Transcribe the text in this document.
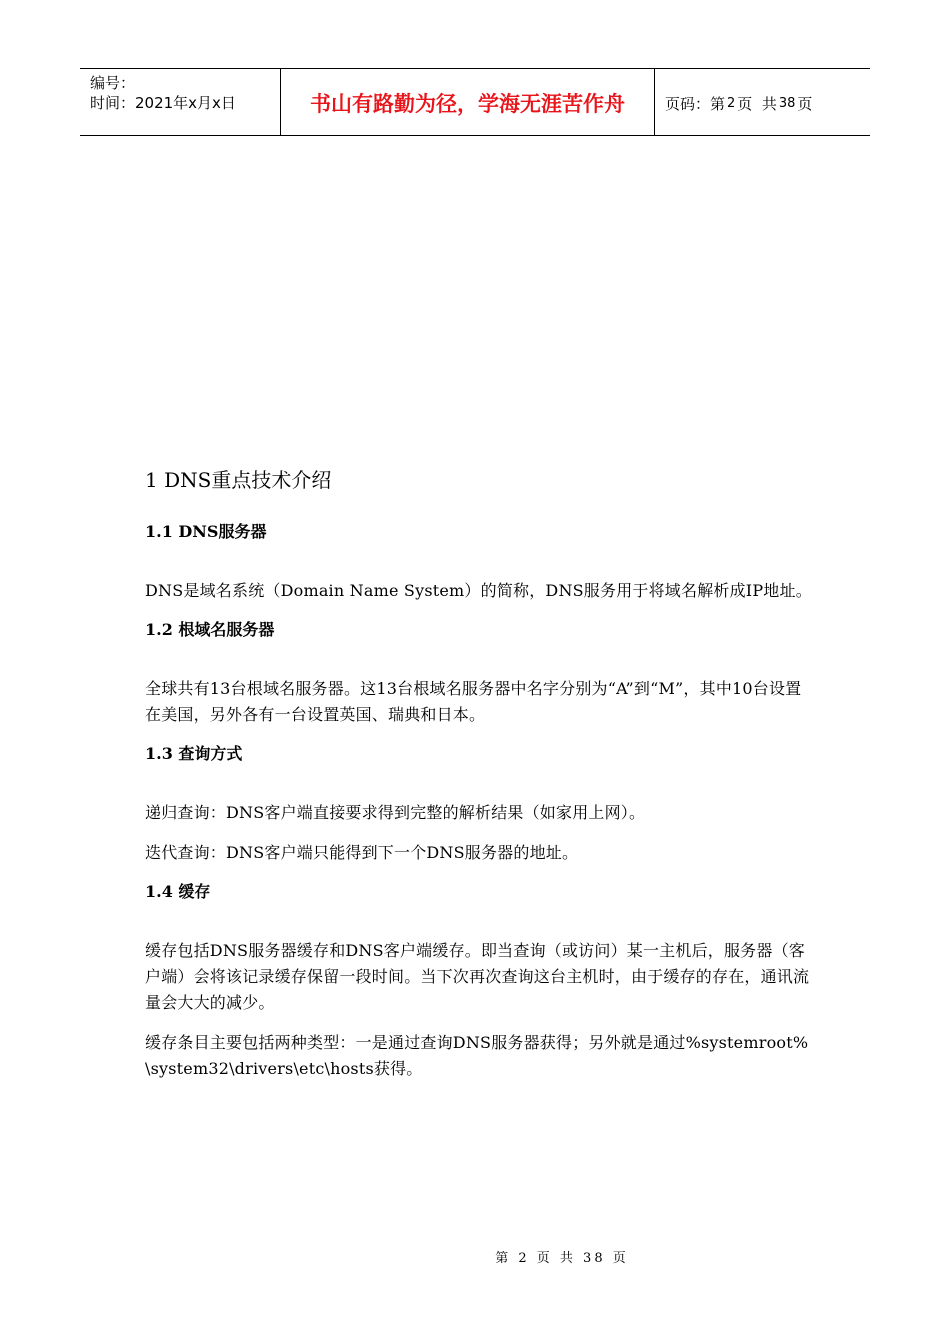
编号：
时间：2021年x月x日	书山有路勤为径，学海无涯苦作舟	页码：第 2 页  共 38 页
1 DNS重点技术介绍
1.1 DNS服务器
DNS是域名系统（Domain Name System）的简称，DNS服务用于将域名解析成IP地址。
1.2 根域名服务器
全球共有13台根域名服务器。这13台根域名服务器中名字分别为“A”到“M”，其中10台设置在美国，另外各有一台设置英国、瑞典和日本。
1.3 查询方式
递归查询：DNS客户端直接要求得到完整的解析结果（如家用上网）。
迭代查询：DNS客户端只能得到下一个DNS服务器的地址。
1.4 缓存
缓存包括DNS服务器缓存和DNS客户端缓存。即当查询（或访问）某一主机后，服务器（客户端）会将该记录缓存保留一段时间。当下次再次查询这台主机时，由于缓存的存在，通讯流量会大大的减少。
缓存条目主要包括两种类型：一是通过查询DNS服务器获得；另外就是通过%systemroot%\system32\drivers\etc\hosts获得。
第 2 页 共 38 页
